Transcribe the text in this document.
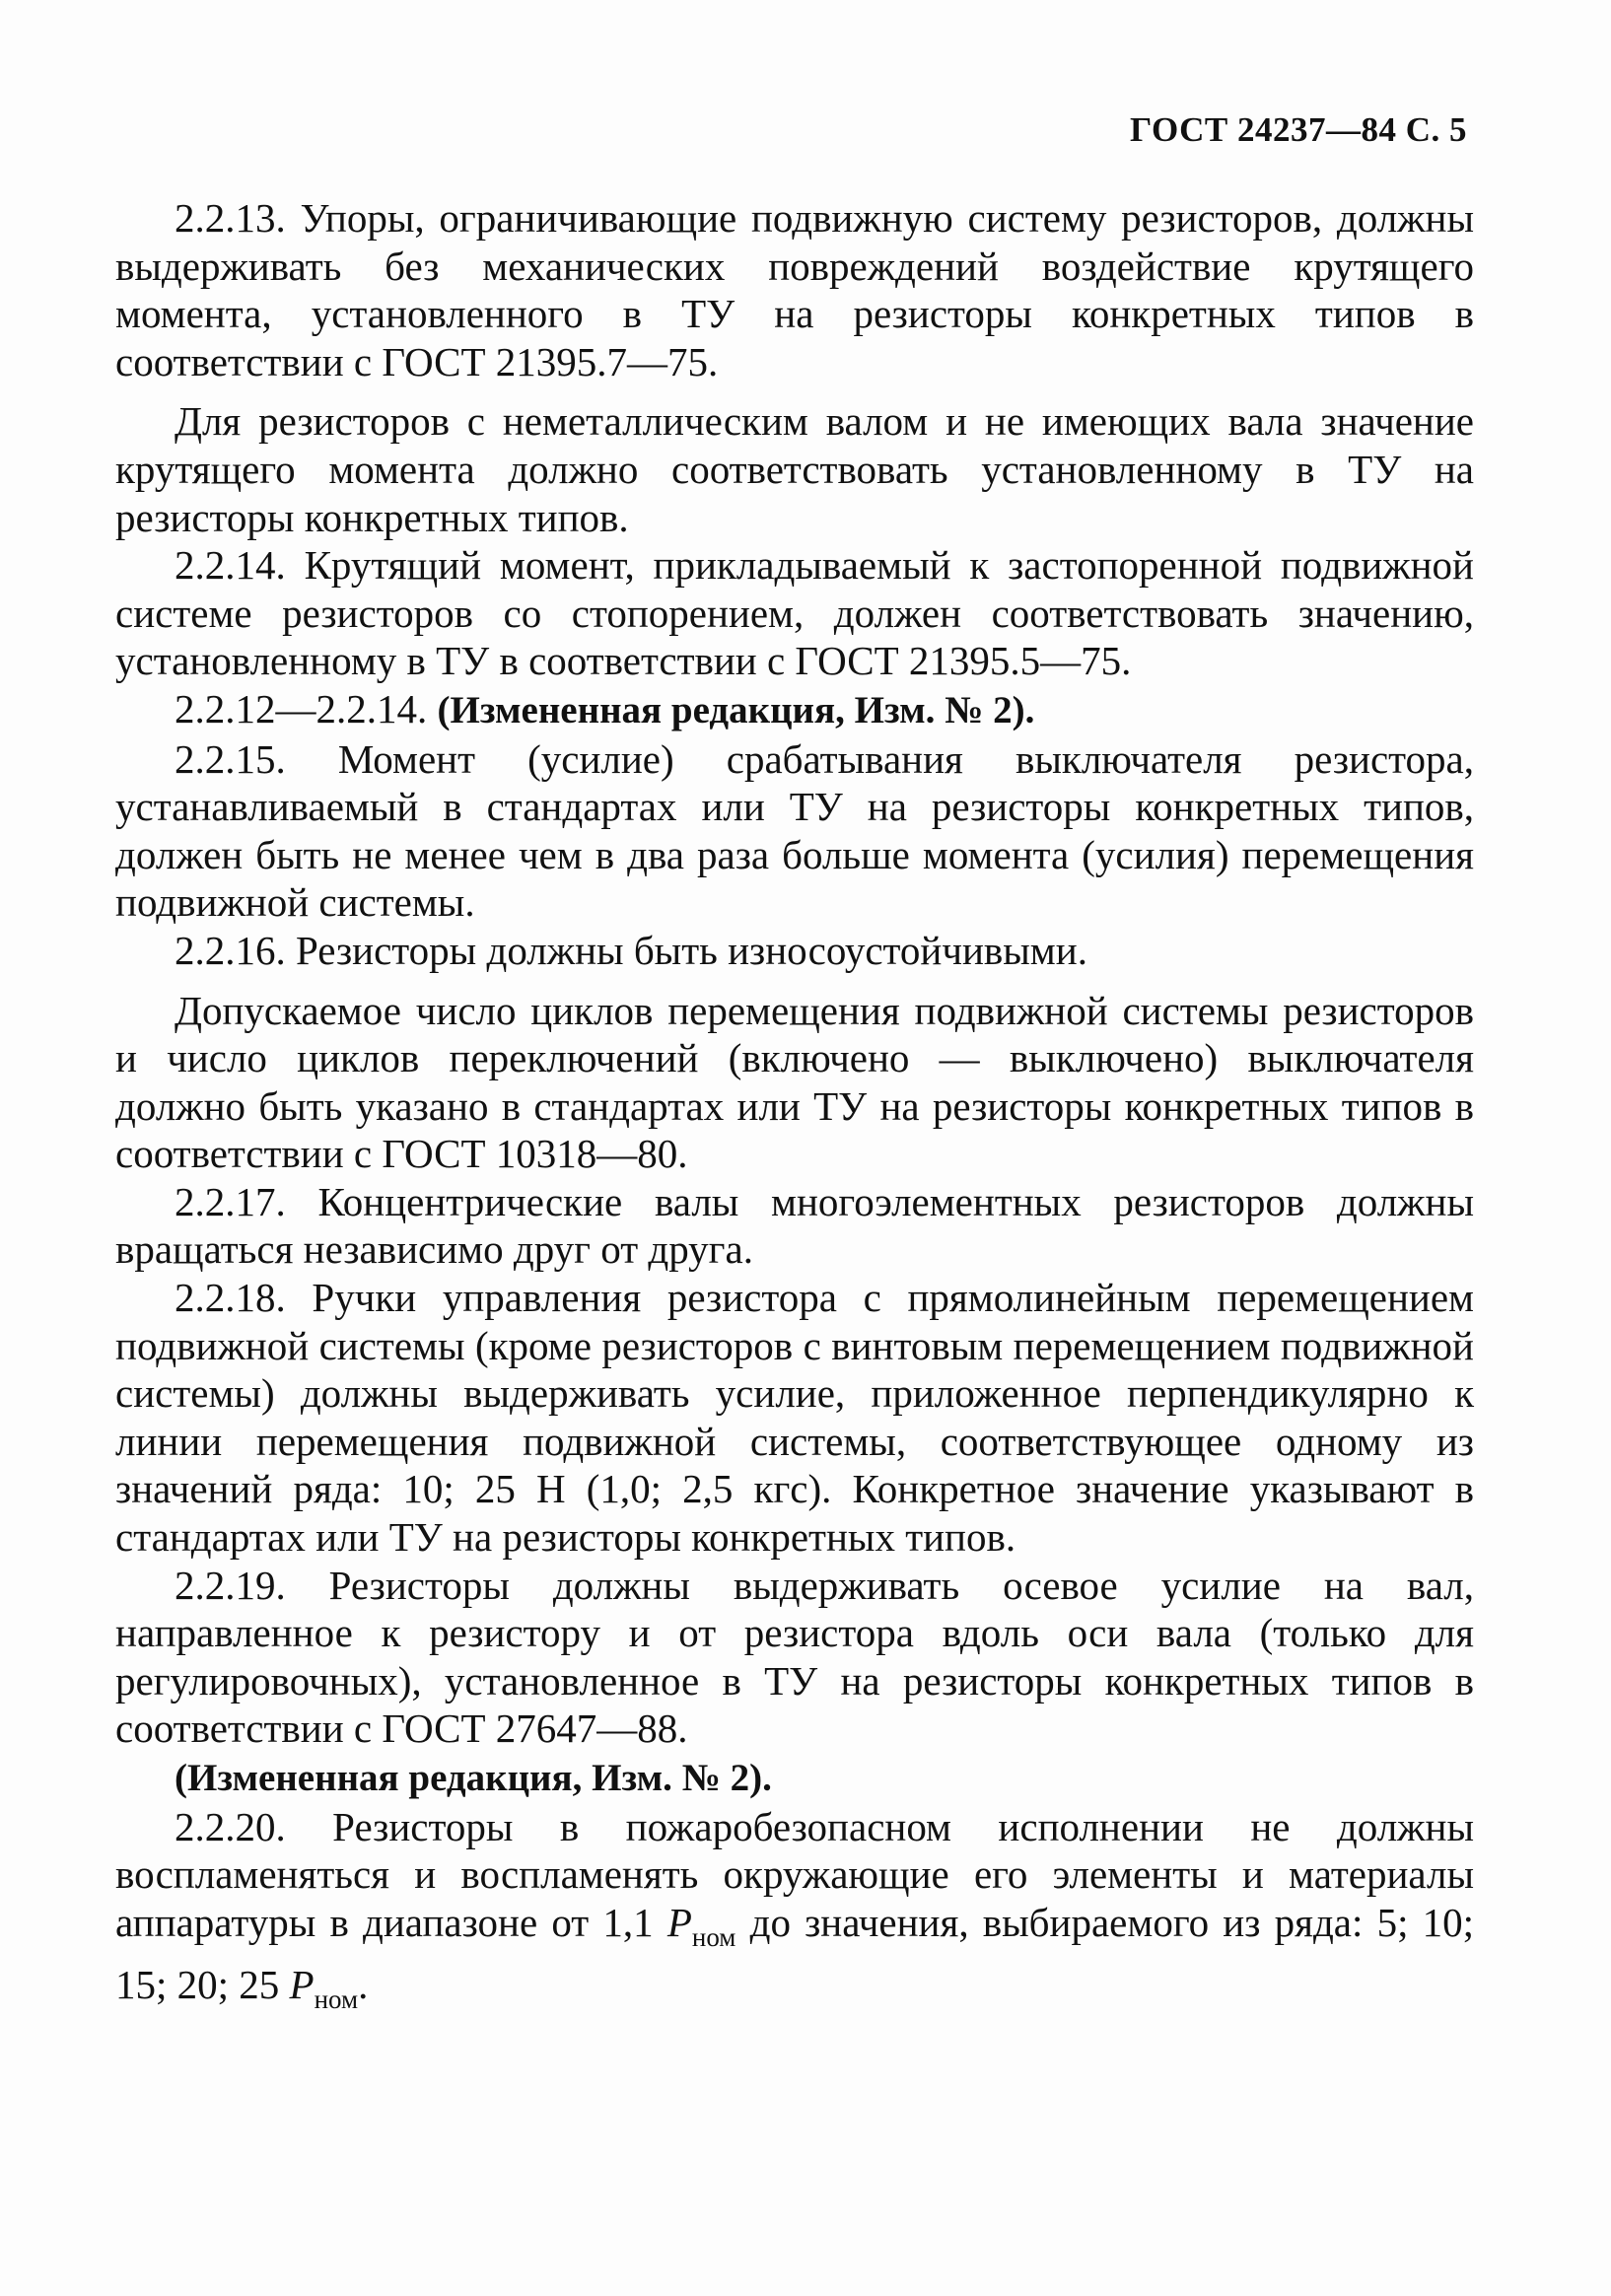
ГОСТ 24237—84 С. 5

2.2.13. Упоры, ограничивающие подвижную систему резисторов, должны выдерживать без механических повреждений воздействие крутящего момента, установленного в ТУ на резисторы конкретных типов в соответствии с ГОСТ 21395.7—75.

Для резисторов с неметаллическим валом и не имеющих вала значение крутящего момента должно соответствовать установленному в ТУ на резисторы конкретных типов.

2.2.14. Крутящий момент, прикладываемый к застопоренной подвижной системе резисторов со стопорением, должен соответствовать значению, установленному в ТУ в соответствии с ГОСТ 21395.5—75.

2.2.12—2.2.14. (Измененная редакция, Изм. № 2).

2.2.15. Момент (усилие) срабатывания выключателя резистора, устанавливаемый в стандартах или ТУ на резисторы конкретных типов, должен быть не менее чем в два раза больше момента (усилия) перемещения подвижной системы.

2.2.16. Резисторы должны быть износоустойчивыми.

Допускаемое число циклов перемещения подвижной системы резисторов и число циклов переключений (включено — выключено) выключателя должно быть указано в стандартах или ТУ на резисторы конкретных типов в соответствии с ГОСТ 10318—80.

2.2.17. Концентрические валы многоэлементных резисторов должны вращаться независимо друг от друга.

2.2.18. Ручки управления резистора с прямолинейным перемещением подвижной системы (кроме резисторов с винтовым перемещением подвижной системы) должны выдерживать усилие, приложенное перпендикулярно к линии перемещения подвижной системы, соответствующее одному из значений ряда: 10; 25 Н (1,0; 2,5 кгс). Конкретное значение указывают в стандартах или ТУ на резисторы конкретных типов.

2.2.19. Резисторы должны выдерживать осевое усилие на вал, направленное к резистору и от резистора вдоль оси вала (только для регулировочных), установленное в ТУ на резисторы конкретных типов в соответствии с ГОСТ 27647—88.

(Измененная редакция, Изм. № 2).

2.2.20. Резисторы в пожаробезопасном исполнении не должны воспламеняться и воспламенять окружающие его элементы и материалы аппаратуры в диапазоне от 1,1 $P_{ном}$ до значения, выбираемого из ряда: 5; 10; 15; 20; 25 $P_{ном}$.
